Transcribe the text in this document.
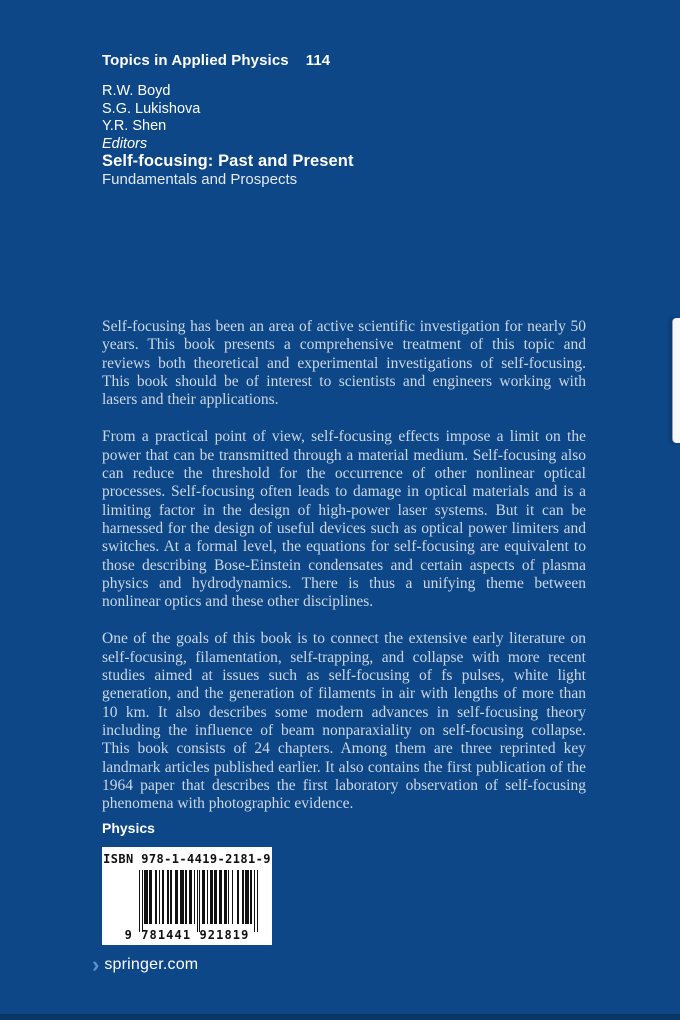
Topics in Applied Physics 114
R.W. Boyd
S.G. Lukishova
Y.R. Shen
Editors
Self-focusing: Past and Present
Fundamentals and Prospects

Self-focusing has been an area of active scientific investigation for nearly 50 years. This book presents a comprehensive treatment of this topic and reviews both theoretical and experimental investigations of self-focusing. This book should be of interest to scientists and engineers working with lasers and their applications.

From a practical point of view, self-focusing effects impose a limit on the power that can be transmitted through a material medium. Self-focusing also can reduce the threshold for the occurrence of other nonlinear optical processes. Self-focusing often leads to damage in optical materials and is a limiting factor in the design of high-power laser systems. But it can be harnessed for the design of useful devices such as optical power limiters and switches. At a formal level, the equations for self-focusing are equivalent to those describing Bose-Einstein condensates and certain aspects of plasma physics and hydrodynamics. There is thus a unifying theme between nonlinear optics and these other disciplines.

One of the goals of this book is to connect the extensive early literature on self-focusing, filamentation, self-trapping, and collapse with more recent studies aimed at issues such as self-focusing of fs pulses, white light generation, and the generation of filaments in air with lengths of more than 10 km. It also describes some modern advances in self-focusing theory including the influence of beam nonparaxiality on self-focusing collapse. This book consists of 24 chapters. Among them are three reprinted key landmark articles published earlier. It also contains the first publication of the 1964 paper that describes the first laboratory observation of self-focusing phenomena with photographic evidence.

Physics
ISBN 978-1-4419-2181-9
9 781441 921819
› springer.com
